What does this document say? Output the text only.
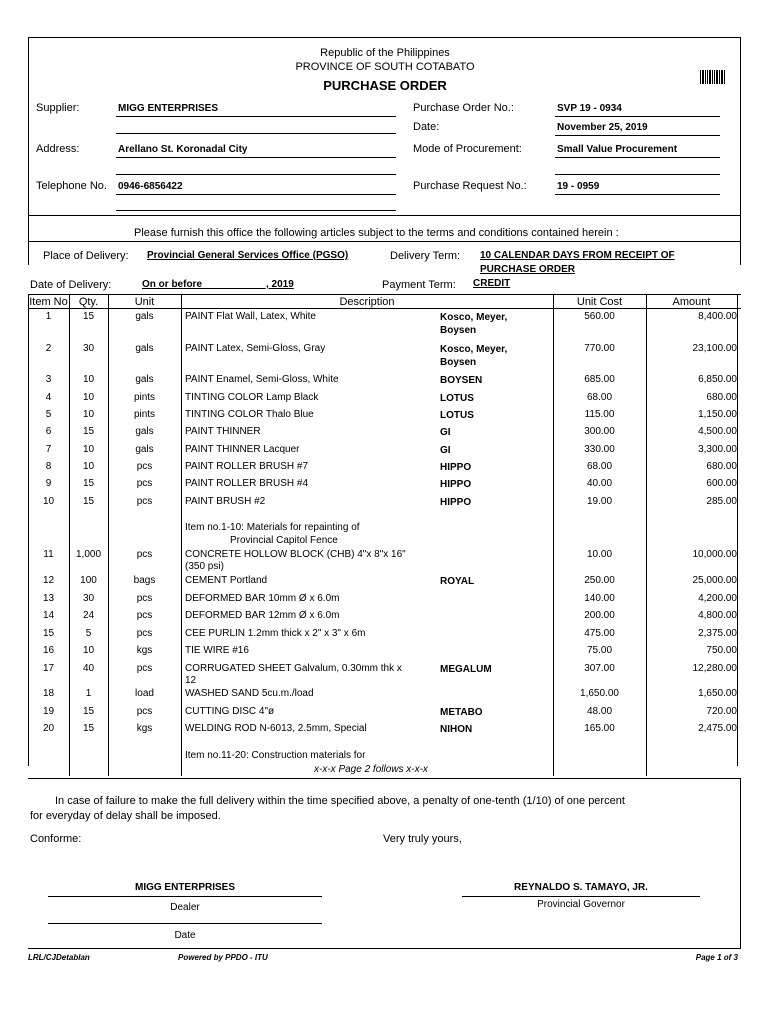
Republic of the Philippines
PROVINCE OF SOUTH COTABATO
PURCHASE ORDER
Supplier:	MIGG ENTERPRISES
Address:	Arellano St. Koronadal City
Telephone No. 0946-6856422
Purchase Order No.:	SVP 19 - 0934
Date:	November 25, 2019
Mode of Procurement:	Small Value Procurement
Purchase Request No.:	19 - 0959
Please furnish this office the following articles subject to the terms and conditions contained herein :
Place of Delivery: Provincial General Services Office (PGSO)	Delivery Term: 10 CALENDAR DAYS FROM RECEIPT OF
PURCHASE ORDER
Date of Delivery:	On or before ___________, 2019	Payment Term: CREDIT
Item No	Qty.	Unit	Description	Unit Cost	Amount
1	15	gals	PAINT Flat Wall, Latex, White	Kosco, Meyer,	560.00	8,400.00
Boysen
2	30	gals	PAINT Latex, Semi-Gloss, Gray	Kosco, Meyer,	770.00	23,100.00
Boysen
3	10	gals	PAINT Enamel, Semi-Gloss, White	BOYSEN	685.00	6,850.00
4	10	pints	TINTING COLOR Lamp Black	LOTUS	68.00	680.00
5	10	pints	TINTING COLOR Thalo Blue	LOTUS	115.00	1,150.00
6	15	gals	PAINT THINNER	GI	300.00	4,500.00
7	10	gals	PAINT THINNER Lacquer	GI	330.00	3,300.00
8	10	pcs	PAINT ROLLER BRUSH #7	HIPPO	68.00	680.00
9	15	pcs	PAINT ROLLER BRUSH #4	HIPPO	40.00	600.00
10	15	pcs	PAINT BRUSH #2	HIPPO	19.00	285.00
11	1,000	pcs	CONCRETE HOLLOW BLOCK (CHB) 4"x 8"x 16"	10.00	10,000.00
(350 psi)
12	100	bags	CEMENT Portland	ROYAL	250.00	25,000.00
13	30	pcs	DEFORMED BAR 10mm Ø x 6.0m	140.00	4,200.00
14	24	pcs	DEFORMED BAR 12mm Ø x 6.0m	200.00	4,800.00
15	5	pcs	CEE PURLIN 1.2mm thick x 2" x 3" x 6m	475.00	2,375.00
16	10	kgs	TIE WIRE #16	75.00	750.00
17	40	pcs	CORRUGATED SHEET Galvalum, 0.30mm thk x	MEGALUM	307.00	12,280.00
12
18	1	load	WASHED SAND 5cu.m./load	1,650.00	1,650.00
19	15	pcs	CUTTING DISC 4"ø	METABO	48.00	720.00
20	15	kgs	WELDING ROD N-6013, 2.5mm, Special	NIHON	165.00	2,475.00
Item no.1-10: Materials for repainting of
Provincial Capitol Fence
Item no.11-20: Construction materials for
x-x-x Page 2 follows x-x-x
In case of failure to make the full delivery within the time specified above, a penalty of one-tenth (1/10) of one percent
for everyday of delay shall be imposed.
Conforme:	Very truly yours,
MIGG ENTERPRISES
Dealer
Date
REYNALDO S. TAMAYO, JR.
Provincial Governor
LRL/CJDetablan	Powered by PPDO - ITU	Page 1 of 3
